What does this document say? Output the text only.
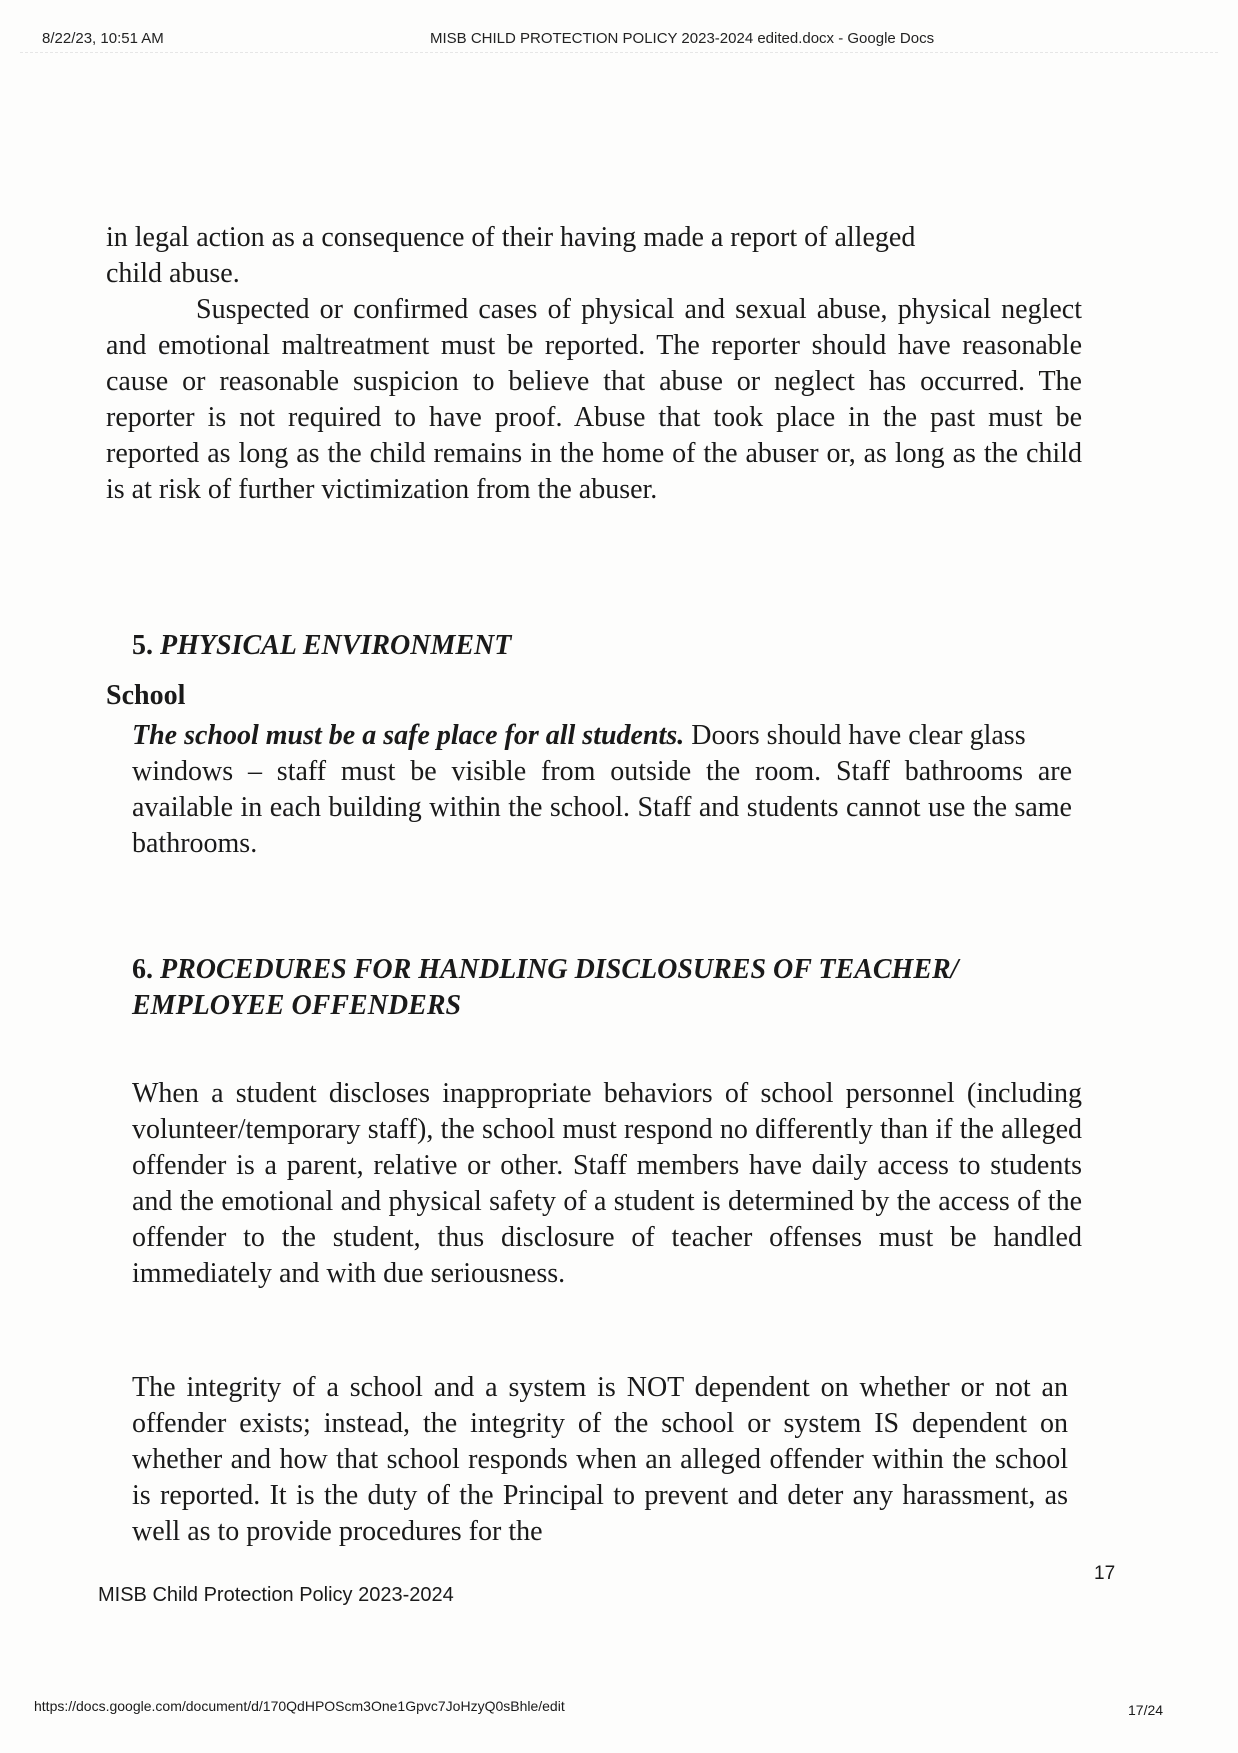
8/22/23, 10:51 AM	MISB CHILD PROTECTION POLICY 2023-2024 edited.docx - Google Docs
in legal action as a consequence of their having made a report of alleged
child abuse.
Suspected or confirmed cases of physical and sexual abuse, physical neglect and emotional maltreatment must be reported. The reporter should have reasonable cause or reasonable suspicion to believe that abuse or neglect has occurred. The reporter is not required to have proof. Abuse that took place in the past must be reported as long as the child remains in the home of the abuser or, as long as the child is at risk of further victimization from the abuser.
5. PHYSICAL ENVIRONMENT
School
The school must be a safe place for all students. Doors should have clear glass

windows – staff must be visible from outside the room. Staff bathrooms are available in each building within the school. Staff and students cannot use the same bathrooms.
6. PROCEDURES FOR HANDLING DISCLOSURES OF TEACHER/
EMPLOYEE OFFENDERS
When a student discloses inappropriate behaviors of school personnel (including volunteer/temporary staff), the school must respond no differently than if the alleged offender is a parent, relative or other. Staff members have daily access to students and the emotional and physical safety of a student is determined by the access of the offender to the student, thus disclosure of teacher offenses must be handled immediately and with due seriousness.
The integrity of a school and a system is NOT dependent on whether or not an offender exists; instead, the integrity of the school or system IS dependent on whether and how that school responds when an alleged offender within the school is reported. It is the duty of the Principal to prevent and deter any harassment, as well as to provide procedures for the
17
MISB Child Protection Policy 2023-2024
https://docs.google.com/document/d/170QdHPOScm3One1Gpvc7JoHzyQ0sBhle/edit	17/24
